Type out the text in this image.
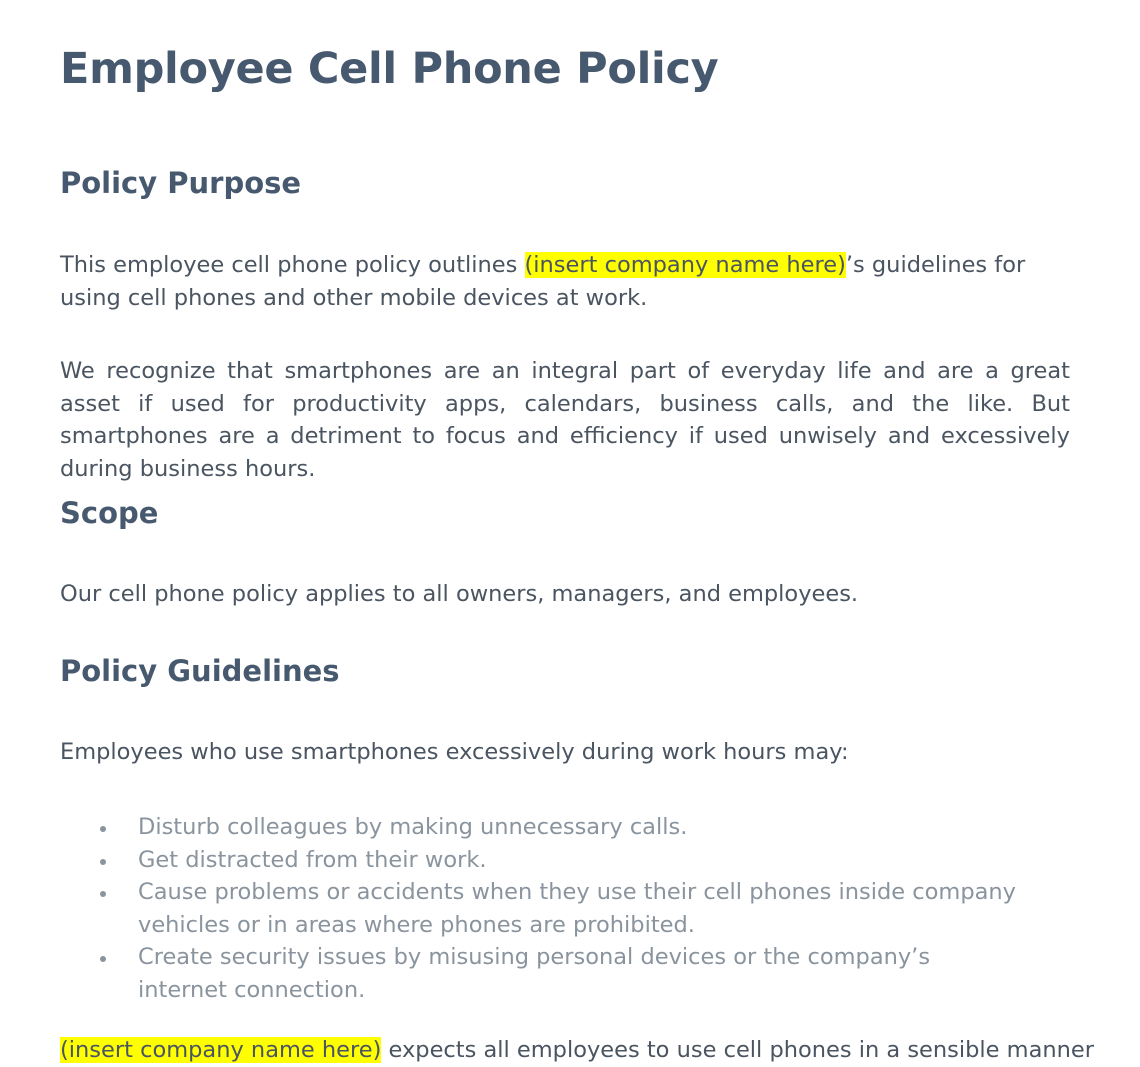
Employee Cell Phone Policy
Policy Purpose

This employee cell phone policy outlines (insert company name here)’s guidelines for using cell phones and other mobile devices at work.

We recognize that smartphones are an integral part of everyday life and are a great asset if used for productivity apps, calendars, business calls, and the like. But smartphones are a detriment to focus and efficiency if used unwisely and excessively during business hours.

Scope

Our cell phone policy applies to all owners, managers, and employees.

Policy Guidelines

Employees who use smartphones excessively during work hours may:

Disturb colleagues by making unnecessary calls.
Get distracted from their work.
Cause problems or accidents when they use their cell phones inside company vehicles or in areas where phones are prohibited.
Create security issues by misusing personal devices or the company’s internet connection.

(insert company name here) expects all employees to use cell phones in a sensible manner
